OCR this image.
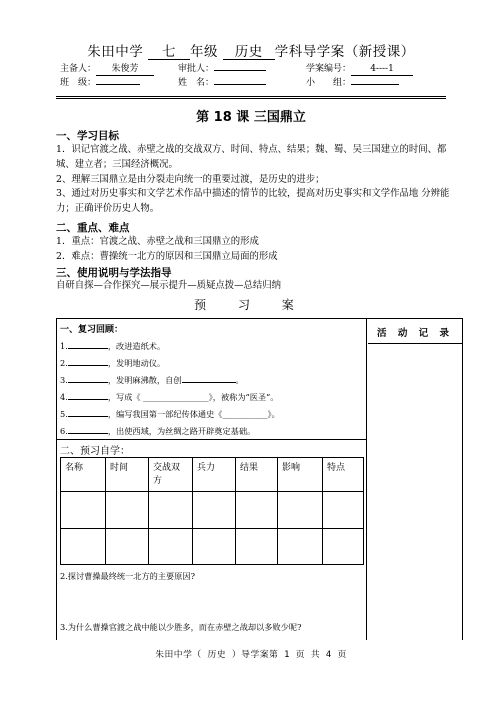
朱田中学 七 年级 历史 学科导学案（新授课）
主备人： 朱俊芳	审批人：	学案编号： 4----1
班　级：	姓　名：	小　　组：
第 18 课 三国鼎立
一、学习目标
1．识记官渡之战、赤壁之战的交战双方、时间、特点、结果；魏、蜀、吴三国建立的时间、都城、建立者；三国经济概况。
2、理解三国鼎立是由分裂走向统一的重要过渡，是历史的进步；
3、通过对历史事实和文学艺术作品中描述的情节的比较，提高对历史事实和文学作品地 分辨能力；正确评价历史人物。
二、重点、难点
1．重点：官渡之战、赤壁之战和三国鼎立的形成
2．难点：曹操统一北方的原因和三国鼎立局面的形成
三、使用说明与学法指导
自研自探—合作探究—展示提升—质疑点拨—总结归纳
预 习 案
活 动 记 录
一、复习回顾：
1.	，改进造纸术。
2.	，发明地动仪。
3.	，发明麻沸散，自创	。
4.	，写成《 ________________》，被称为“医圣”。
5.	，编写我国第一部纪传体通史《___________》。
6.	，出使西域，为丝绸之路开辟奠定基础。
二、预习自学：
名称	时间	交战双方	兵力	结果	影响	特点

2.探讨曹操最终统一北方的主要原因?
3.为什么曹操官渡之战中能以少胜多，而在赤壁之战却以多败少呢?
朱田中学（ 历史 ）导学案第 1 页 共 4 页
